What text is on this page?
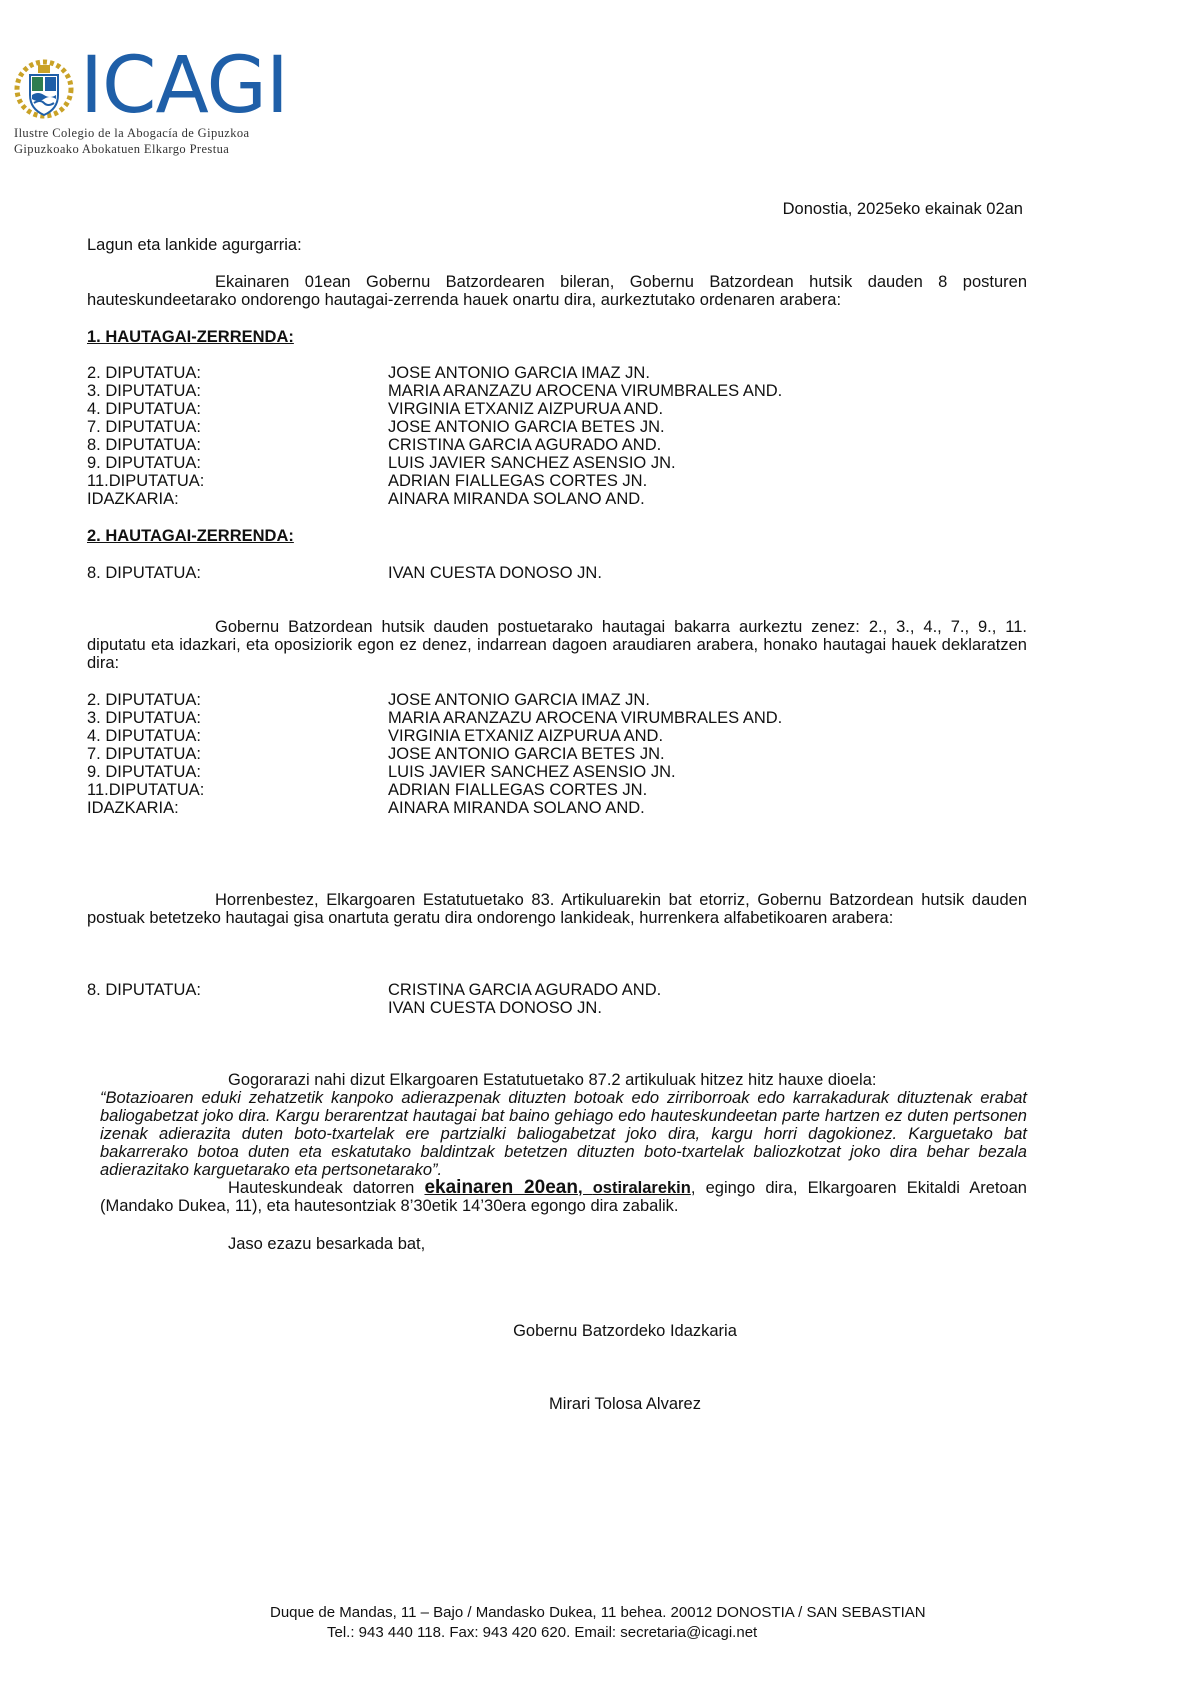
ICAGI
Ilustre Colegio de la Abogacía de Gipuzkoa
Gipuzkoako Abokatuen Elkargo Prestua
Donostia, 2025eko ekainak 02an
Lagun eta lankide agurgarria:
Ekainaren 01ean Gobernu Batzordearen bileran, Gobernu Batzordean hutsik dauden 8 posturen hauteskundeetarako ondorengo hautagai-zerrenda hauek onartu dira, aurkeztutako ordenaren arabera:
1. HAUTAGAI-ZERRENDA:
2. DIPUTATUA:	JOSE ANTONIO GARCIA IMAZ JN.
3. DIPUTATUA:	MARIA ARANZAZU AROCENA VIRUMBRALES AND.
4. DIPUTATUA:	VIRGINIA ETXANIZ AIZPURUA AND.
7. DIPUTATUA:	JOSE ANTONIO GARCIA BETES JN.
8. DIPUTATUA:	CRISTINA GARCIA AGURADO AND.
9. DIPUTATUA:	LUIS JAVIER SANCHEZ ASENSIO JN.
11.DIPUTATUA:	ADRIAN FIALLEGAS CORTES JN.
IDAZKARIA:	AINARA MIRANDA SOLANO AND.
2. HAUTAGAI-ZERRENDA:
8. DIPUTATUA:	IVAN CUESTA DONOSO JN.
Gobernu Batzordean hutsik dauden postuetarako hautagai bakarra aurkeztu zenez: 2., 3., 4., 7., 9., 11. diputatu eta idazkari, eta oposiziorik egon ez denez, indarrean dagoen araudiaren arabera, honako hautagai hauek deklaratzen dira:
2. DIPUTATUA:	JOSE ANTONIO GARCIA IMAZ JN.
3. DIPUTATUA:	MARIA ARANZAZU AROCENA VIRUMBRALES AND.
4. DIPUTATUA:	VIRGINIA ETXANIZ AIZPURUA AND.
7. DIPUTATUA:	JOSE ANTONIO GARCIA BETES JN.
9. DIPUTATUA:	LUIS JAVIER SANCHEZ ASENSIO JN.
11.DIPUTATUA:	ADRIAN FIALLEGAS CORTES JN.
IDAZKARIA:	AINARA MIRANDA SOLANO AND.
Horrenbestez, Elkargoaren Estatutuetako 83. Artikuluarekin bat etorriz, Gobernu Batzordean hutsik dauden postuak betetzeko hautagai gisa onartuta geratu dira ondorengo lankideak, hurrenkera alfabetikoaren arabera:
8. DIPUTATUA:	CRISTINA GARCIA AGURADO AND.
IVAN CUESTA DONOSO JN.
Gogorarazi nahi dizut Elkargoaren Estatutuetako 87.2 artikuluak hitzez hitz hauxe dioela:
“Botazioaren eduki zehatzetik kanpoko adierazpenak dituzten botoak edo zirriborroak edo karrakadurak dituztenak erabat baliogabetzat joko dira. Kargu berarentzat hautagai bat baino gehiago edo hauteskundeetan parte hartzen ez duten pertsonen izenak adierazita duten boto-txartelak ere partzialki baliogabetzat joko dira, kargu horri dagokionez. Karguetako bat bakarrerako botoa duten eta eskatutako baldintzak betetzen dituzten boto-txartelak baliozkotzat joko dira behar bezala adierazitako karguetarako eta pertsonetarako”.
Hauteskundeak datorren ekainaren 20ean, ostiralarekin, egingo dira, Elkargoaren Ekitaldi Aretoan (Mandako Dukea, 11), eta hautesontziak 8’30etik 14’30era egongo dira zabalik.
Jaso ezazu besarkada bat,
Gobernu Batzordeko Idazkaria
Mirari Tolosa Alvarez
Duque de Mandas, 11 – Bajo / Mandasko Dukea, 11 behea. 20012 DONOSTIA / SAN SEBASTIAN
Tel.: 943 440 118. Fax: 943 420 620. Email: secretaria@icagi.net
